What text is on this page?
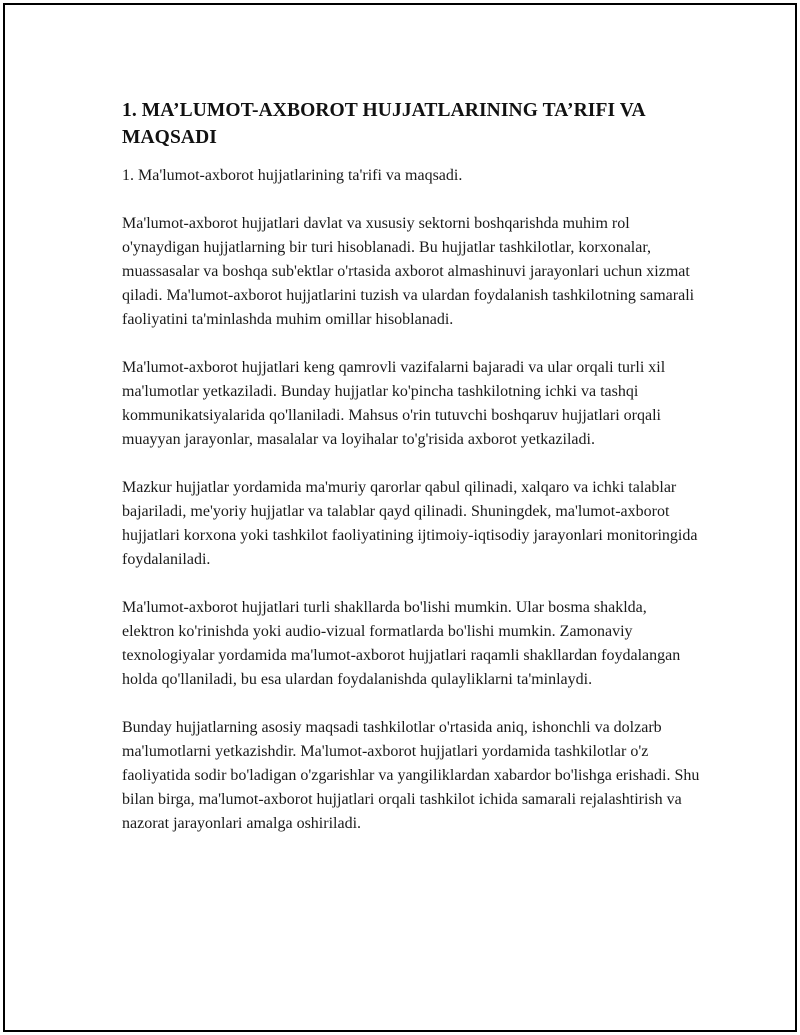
1. MA’LUMOT-AXBOROT HUJJATLARINING TA’RIFI VA MAQSADI

1. Ma'lumot-axborot hujjatlarining ta'rifi va maqsadi.

Ma'lumot-axborot hujjatlari davlat va xususiy sektorni boshqarishda muhim rol o'ynaydigan hujjatlarning bir turi hisoblanadi. Bu hujjatlar tashkilotlar, korxonalar, muassasalar va boshqa sub'ektlar o'rtasida axborot almashinuvi jarayonlari uchun xizmat qiladi. Ma'lumot-axborot hujjatlarini tuzish va ulardan foydalanish tashkilotning samarali faoliyatini ta'minlashda muhim omillar hisoblanadi.

Ma'lumot-axborot hujjatlari keng qamrovli vazifalarni bajaradi va ular orqali turli xil ma'lumotlar yetkaziladi. Bunday hujjatlar ko'pincha tashkilotning ichki va tashqi kommunikatsiyalarida qo'llaniladi. Mahsus o'rin tutuvchi boshqaruv hujjatlari orqali muayyan jarayonlar, masalalar va loyihalar to'g'risida axborot yetkaziladi.

Mazkur hujjatlar yordamida ma'muriy qarorlar qabul qilinadi, xalqaro va ichki talablar bajariladi, me'yoriy hujjatlar va talablar qayd qilinadi. Shuningdek, ma'lumot-axborot hujjatlari korxona yoki tashkilot faoliyatining ijtimoiy-iqtisodiy jarayonlari monitoringida foydalaniladi.

Ma'lumot-axborot hujjatlari turli shakllarda bo'lishi mumkin. Ular bosma shaklda, elektron ko'rinishda yoki audio-vizual formatlarda bo'lishi mumkin. Zamonaviy texnologiyalar yordamida ma'lumot-axborot hujjatlari raqamli shakllardan foydalangan holda qo'llaniladi, bu esa ulardan foydalanishda qulayliklarni ta'minlaydi.

Bunday hujjatlarning asosiy maqsadi tashkilotlar o'rtasida aniq, ishonchli va dolzarb ma'lumotlarni yetkazishdir. Ma'lumot-axborot hujjatlari yordamida tashkilotlar o'z faoliyatida sodir bo'ladigan o'zgarishlar va yangiliklardan xabardor bo'lishga erishadi. Shu bilan birga, ma'lumot-axborot hujjatlari orqali tashkilot ichida samarali rejalashtirish va nazorat jarayonlari amalga oshiriladi.
